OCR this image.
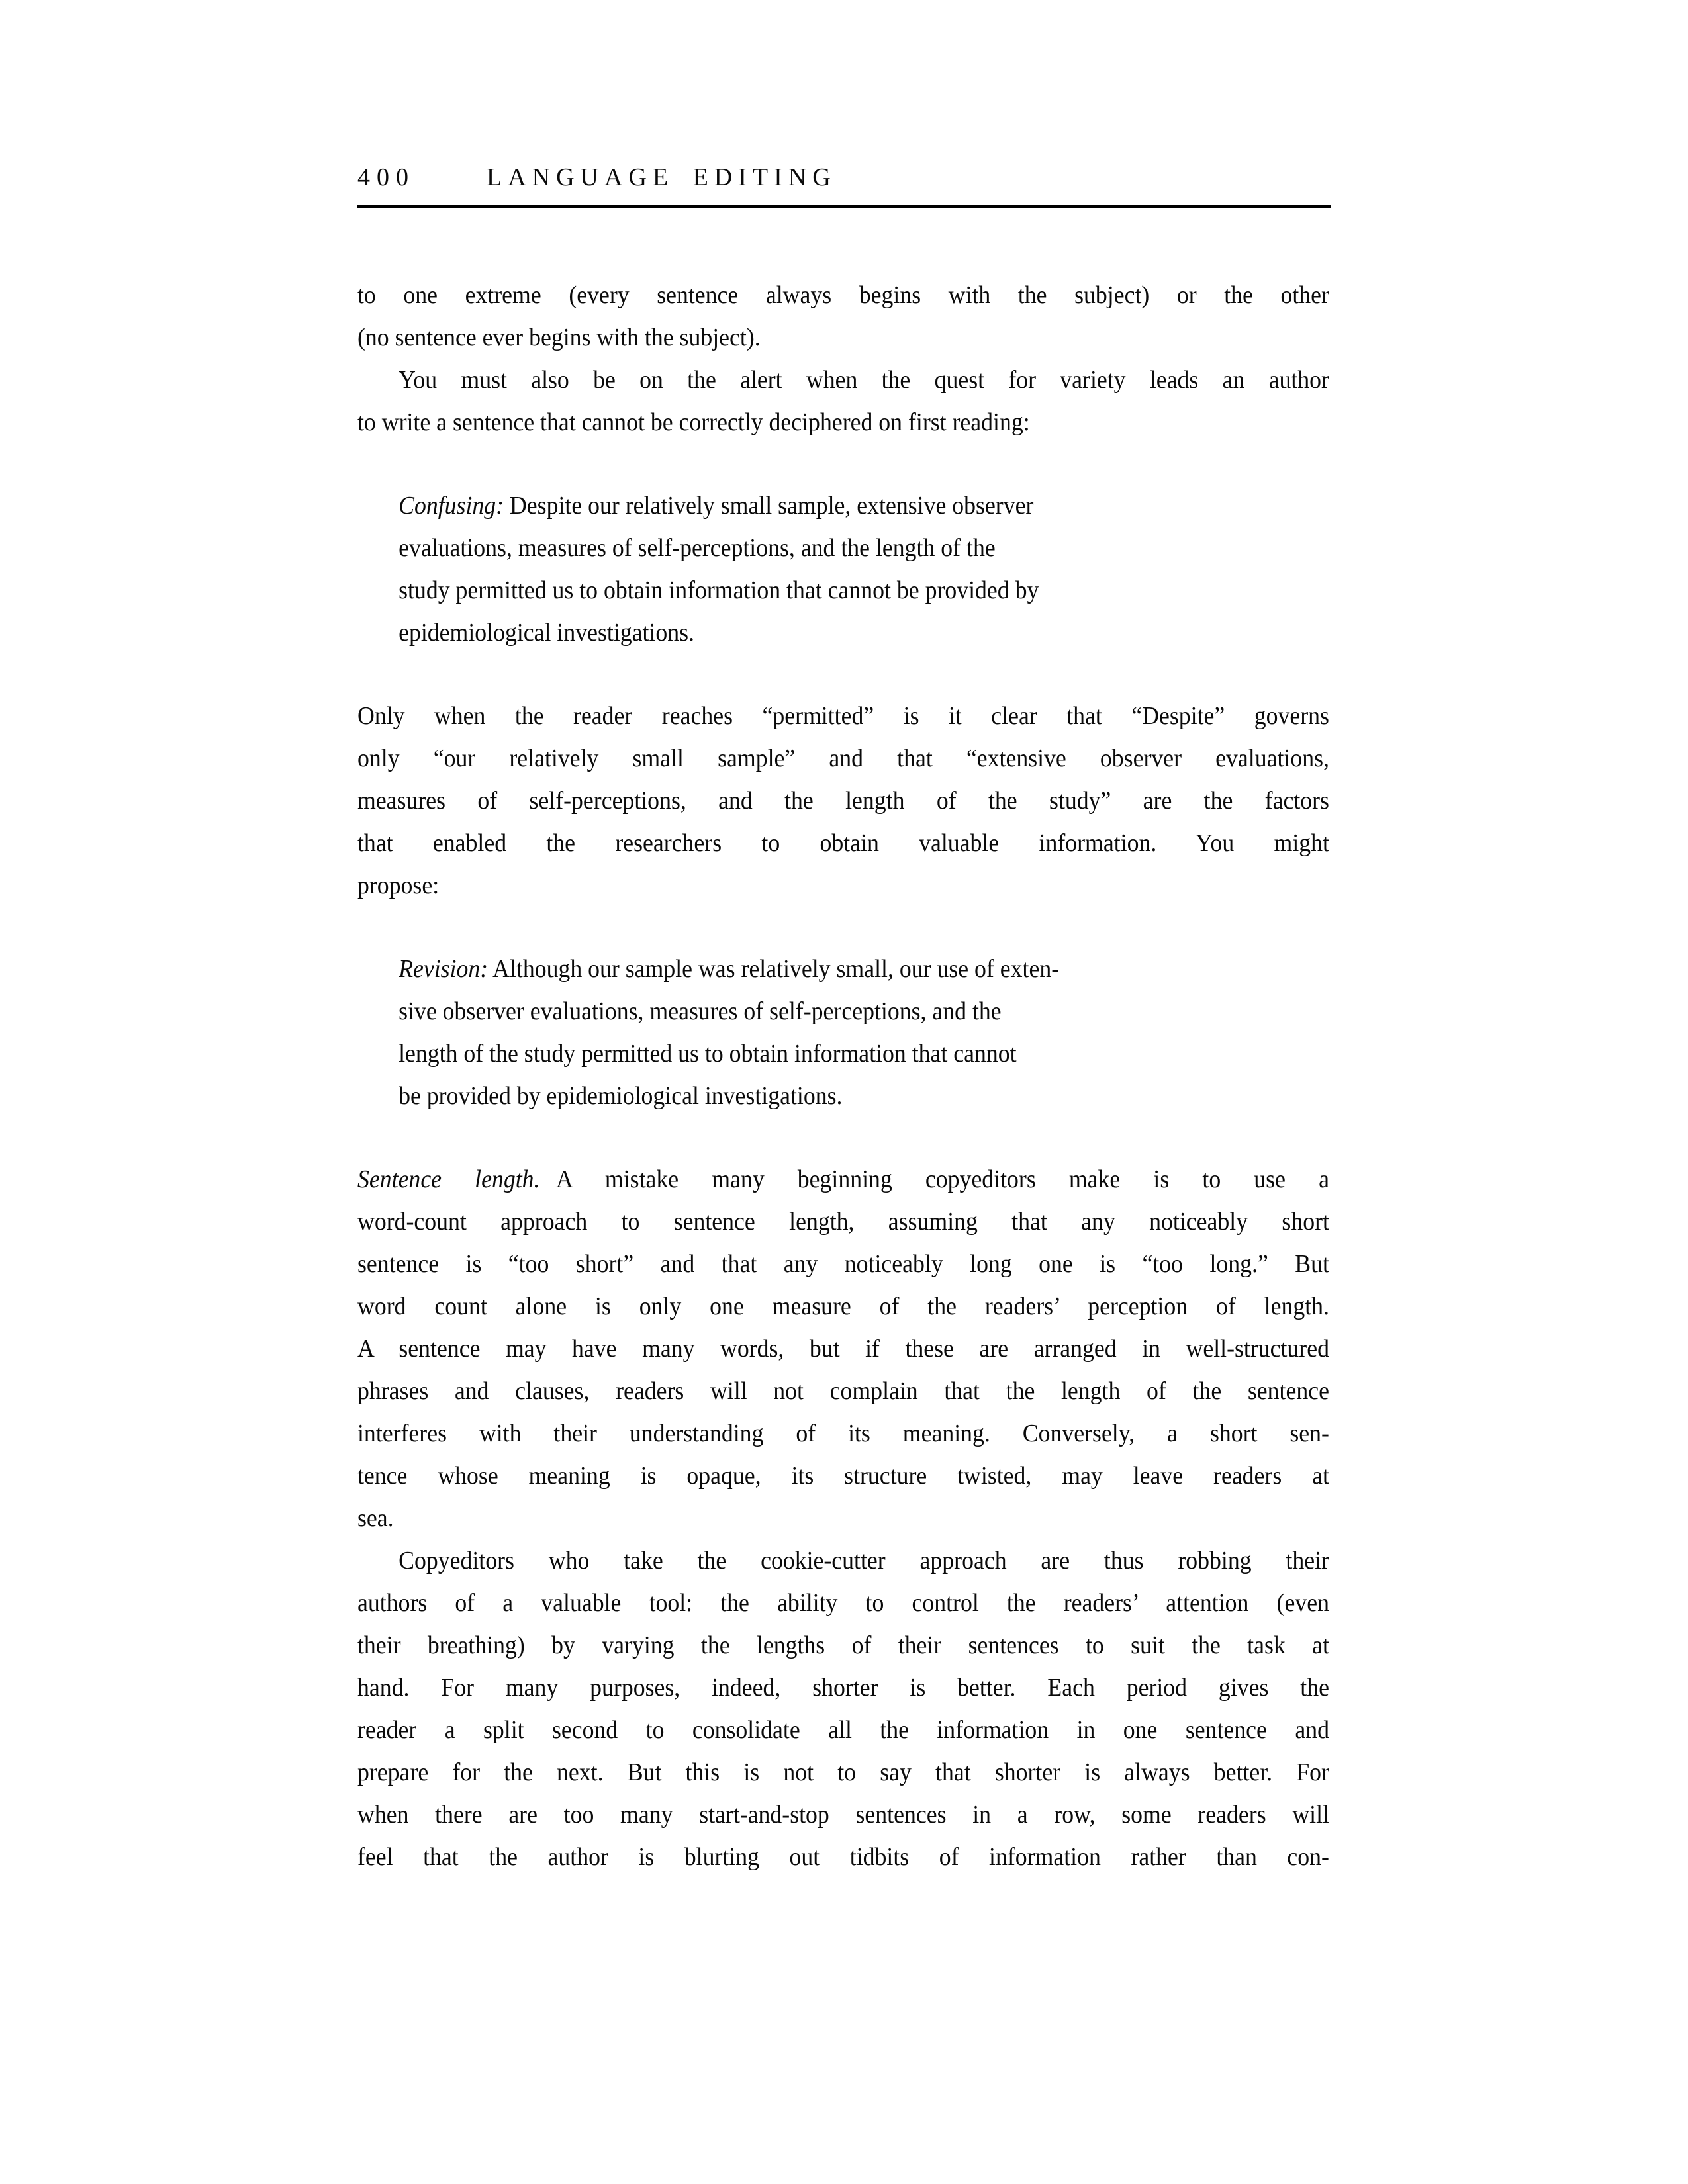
400	LANGUAGE EDITING
to one extreme (every sentence always begins with the subject) or the other
(no sentence ever begins with the subject).
You must also be on the alert when the quest for variety leads an author
to write a sentence that cannot be correctly deciphered on first reading:
Confusing: Despite our relatively small sample, extensive observer
evaluations, measures of self-perceptions, and the length of the
study permitted us to obtain information that cannot be provided by
epidemiological investigations.
Only when the reader reaches “permitted” is it clear that “Despite” governs
only “our relatively small sample” and that “extensive observer evaluations,
measures of self-perceptions, and the length of the study” are the factors
that enabled the researchers to obtain valuable information. You might
propose:
Revision: Although our sample was relatively small, our use of exten-
sive observer evaluations, measures of self-perceptions, and the
length of the study permitted us to obtain information that cannot
be provided by epidemiological investigations.
Sentence length. A mistake many beginning copyeditors make is to use a
word-count approach to sentence length, assuming that any noticeably short
sentence is “too short” and that any noticeably long one is “too long.” But
word count alone is only one measure of the readers’ perception of length.
A sentence may have many words, but if these are arranged in well-structured
phrases and clauses, readers will not complain that the length of the sentence
interferes with their understanding of its meaning. Conversely, a short sen-
tence whose meaning is opaque, its structure twisted, may leave readers at
sea.
Copyeditors who take the cookie-cutter approach are thus robbing their
authors of a valuable tool: the ability to control the readers’ attention (even
their breathing) by varying the lengths of their sentences to suit the task at
hand. For many purposes, indeed, shorter is better. Each period gives the
reader a split second to consolidate all the information in one sentence and
prepare for the next. But this is not to say that shorter is always better. For
when there are too many start-and-stop sentences in a row, some readers will
feel that the author is blurting out tidbits of information rather than con-
